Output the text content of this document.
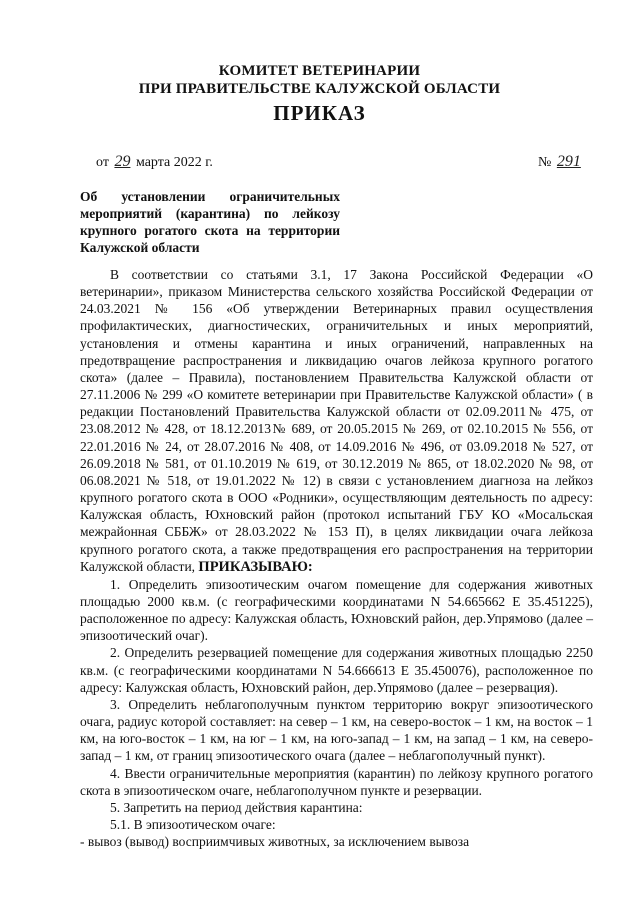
КОМИТЕТ ВЕТЕРИНАРИИ
ПРИ ПРАВИТЕЛЬСТВЕ КАЛУЖСКОЙ ОБЛАСТИ
ПРИКАЗ
от 29 марта 2022 г.	№ 291
Об установлении ограничительных мероприятий (карантина) по лейкозу крупного рогатого скота на территории Калужской области

В соответствии со статьями 3.1, 17 Закона Российской Федерации «О ветеринарии», приказом Министерства сельского хозяйства Российской Федерации от 24.03.2021 № 156 «Об утверждении Ветеринарных правил осуществления профилактических, диагностических, ограничительных и иных мероприятий, установления и отмены карантина и иных ограничений, направленных на предотвращение распространения и ликвидацию очагов лейкоза крупного рогатого скота» (далее – Правила), постановлением Правительства Калужской области от 27.11.2006 № 299 «О комитете ветеринарии при Правительстве Калужской области» ( в редакции Постановлений Правительства Калужской области от 02.09.2011№ 475, от 23.08.2012 № 428, от 18.12.2013№ 689, от 20.05.2015 № 269, от 02.10.2015 № 556, от 22.01.2016 № 24, от 28.07.2016 № 408, от 14.09.2016 № 496, от 03.09.2018 № 527, от 26.09.2018 № 581, от 01.10.2019 № 619, от 30.12.2019 № 865, от 18.02.2020 № 98, от 06.08.2021 № 518, от 19.01.2022 № 12) в связи с установлением диагноза на лейкоз крупного рогатого скота в ООО «Родники», осуществляющим деятельность по адресу: Калужская область, Юхновский район (протокол испытаний ГБУ КО «Мосальская межрайонная СББЖ» от 28.03.2022 № 153 П), в целях ликвидации очага лейкоза крупного рогатого скота, а также предотвращения его распространения на территории Калужской области, ПРИКАЗЫВАЮ:

1. Определить эпизоотическим очагом помещение для содержания животных площадью 2000 кв.м. (с географическими координатами N 54.665662 E 35.451225), расположенное по адресу: Калужская область, Юхновский район, дер.Упрямово (далее –эпизоотический очаг).

2. Определить резервацией помещение для содержания животных площадью 2250 кв.м. (с географическими координатами N 54.666613 E 35.450076), расположенное по адресу: Калужская область, Юхновский район, дер.Упрямово (далее – резервация).

3. Определить неблагополучным пунктом территорию вокруг эпизоотического очага, радиус которой составляет: на север – 1 км, на северо-восток – 1 км, на восток – 1 км, на юго-восток – 1 км, на юг – 1 км, на юго-запад – 1 км, на запад – 1 км, на северо-запад – 1 км, от границ эпизоотического очага (далее – неблагополучный пункт).

4. Ввести ограничительные мероприятия (карантин) по лейкозу крупного рогатого скота в эпизоотическом очаге, неблагополучном пункте и резервации.

5. Запретить на период действия карантина:

5.1. В эпизоотическом очаге:

- вывоз (вывод) восприимчивых животных, за исключением вывоза
